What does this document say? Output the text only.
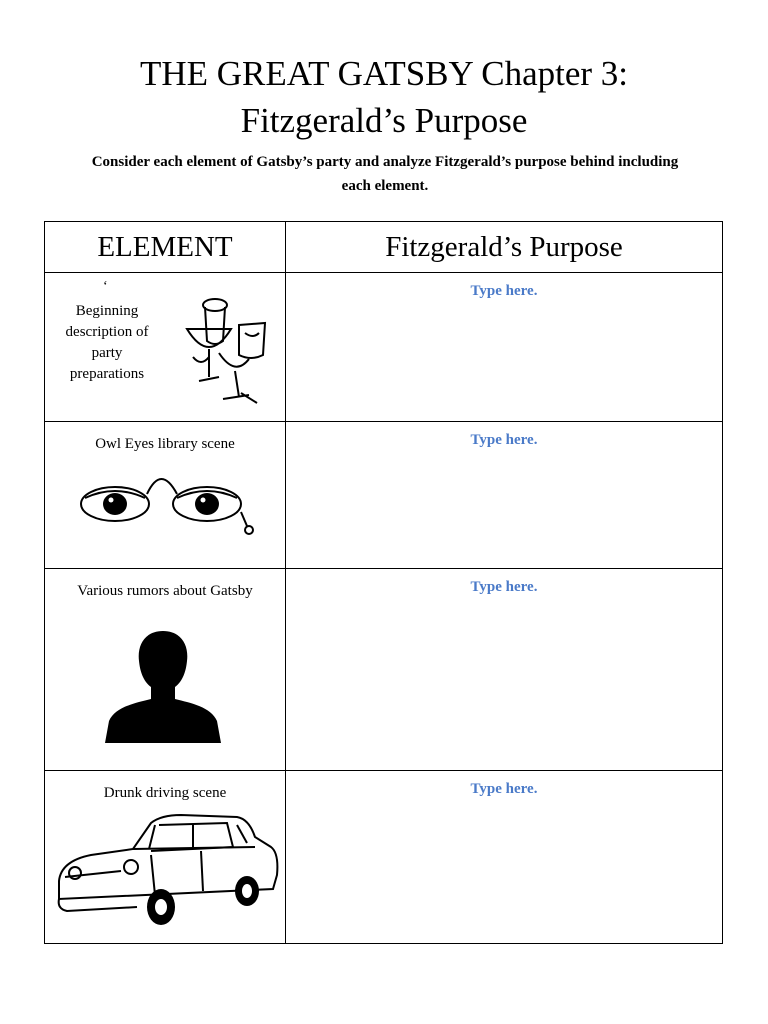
THE GREAT GATSBY Chapter 3:
Fitzgerald’s Purpose
Consider each element of Gatsby’s party and analyze Fitzgerald’s purpose behind including
each element.
ELEMENT	Fitzgerald’s Purpose

‘
Beginning
description of
party
preparations	Type here.

Owl Eyes library scene	Type here.

Various rumors about Gatsby	Type here.

Drunk driving scene	Type here.
